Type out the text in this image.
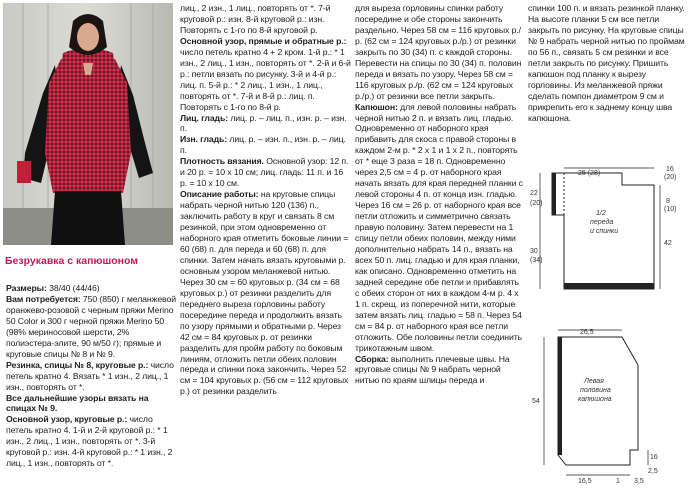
Безрукавка с капюшоном

Размеры: 38/40 (44/46)

Вам потребуется: 750 (850) г меланжевой оранжево-розовой с черным пряжи Merino 50 Color и 300 г черной пряжи Merino 50 (98% мериносовой шерсти, 2% полиэстера-элите, 90 м/50 г); прямые и круговые спицы № 8 и № 9.

Резинка, спицы № 8, круговые р.: число петель кратно 4. Вязать * 1 изн., 2 лиц., 1 изн., повторять от *.

Все дальнейшие узоры вязать на спицах № 9.

Основной узор, круговые р.: число петель кратно 4. 1-й и 2-й круговой р.: * 1 изн., 2 лиц., 1 изн., повторять от *. 3-й круговой р.: изн. 4-й круговой р.: * 1 изн., 2 лиц., 1 изн., повторять от *.

лиц., 2 изн., 1 лиц., повторять от *. 7-й круговой р.: изн. 8-й круговой р.: изн. Повторять с 1-го по 8-й круговой р.

Основной узор, прямые и обратные р.: число петель кратно 4 + 2 кром. 1-й р.: * 1 изн., 2 лиц., 1 изн., повторять от *. 2-й и 6-й р.: петли вязать по рисунку. 3-й и 4-й р.: лиц. п. 5-й р.: * 2 лиц., 1 изн., 1 лиц., повторять от *. 7-й и 8-й р.: лиц. п. Повторять с 1-го по 8-й р.

Лиц. гладь: лиц. р. – лиц. п., изн. р. – изн. п.

Изн. гладь: лиц. р. – изн. п., изн. р. – лиц. п.

Плотность вязания. Основной узор: 12 п. и 20 р. = 10 х 10 см; лиц. гладь: 11 п. и 16 р. = 10 х 10 см.

Описание работы: на круговые спицы набрать черной нитью 120 (136) п., заключить работу в круг и связать 8 см резинкой, при этом одновременно от наборного края отметить боковые линии = 60 (68) п. для переда и 60 (68) п. для спинки. Затем начать вязать круговыми р. основным узором меланжевой нитью. Через 30 см = 60 круговых р. (34 см = 68 круговых р.) от резинки разделить для переднего выреза горловины работу посередине переда и продолжить вязать по узору прямыми и обратными р. Через 42 см = 84 круговых р. от резинки разделить для пройм работу по боковым линиям, отложить петли обеих половин переда и спинки пока закончить. Через 52 см = 104 круговых р. (56 см = 112 круговых р.) от резинки разделить

для выреза горловины спинки работу посередине и обе стороны закончить раздельно. Через 58 см = 116 круговых р./р. (62 см = 124 круговых р./р.) от резинки закрыть по 30 (34) п. с каждой стороны. Перевести на спицы по 30 (34) п. половин переда и вязать по узору. Через 58 см = 116 круговых р./р. (62 см = 124 круговых р./р.) от резинки все петли закрыть.

Капюшон: для левой половины набрать черной нитью 2 п. и вязать лиц. гладью. Одновременно от наборного края прибавить для скоса с правой стороны в каждом 2-м р. * 2 х 1 и 1 х 2 п., повторять от * еще 3 раза = 18 п. Одновременно через 2,5 см = 4 р. от наборного края начать вязать для края передней планки с левой стороны 4 п. от конца изн. гладью. Через 16 см = 26 р. от наборного края все петли отложить и симметрично связать правую половину. Затем перевести на 1 спицу петли обеих половин, между ними дополнительно набрать 14 п., вязать на всех 50 п. лиц. гладью и для края планки, как описано. Одновременно отметить на задней середине обе петли и прибавлять с обеих сторон от них в каждом 4-м р. 4 х 1 п. скрещ. из поперечной нити, которые затем вязать лиц. гладью = 58 п. Через 54 см = 84 р. от наборного края все петли отложить. Обе половины петли соединить трикотажным швом.

Сборка: выполнить плечевые швы. На круговые спицы № 9 набрать черной нитью по краям шлицы переда и

спинки 100 п. и вязать резинкой планку. На высоте планки 5 см все петли закрыть по рисунку. На круговые спицы № 9 набрать черной нитью по проймам по 56 п., связать 5 см резинки и все петли закрыть по рисунку. Пришить капюшон под планку к вырезу горловины. Из меланжевой пряжи сделать помпон диаметром 9 см и прикрепить его к заднему концу шва капюшона.

25 (28)
16
(20)
22
(20)
30
(34)
42
8
(10)
1/2 переда и спинки
26,5
54
16
2,5
16,5	1 3,5
Левая половина капюшона
